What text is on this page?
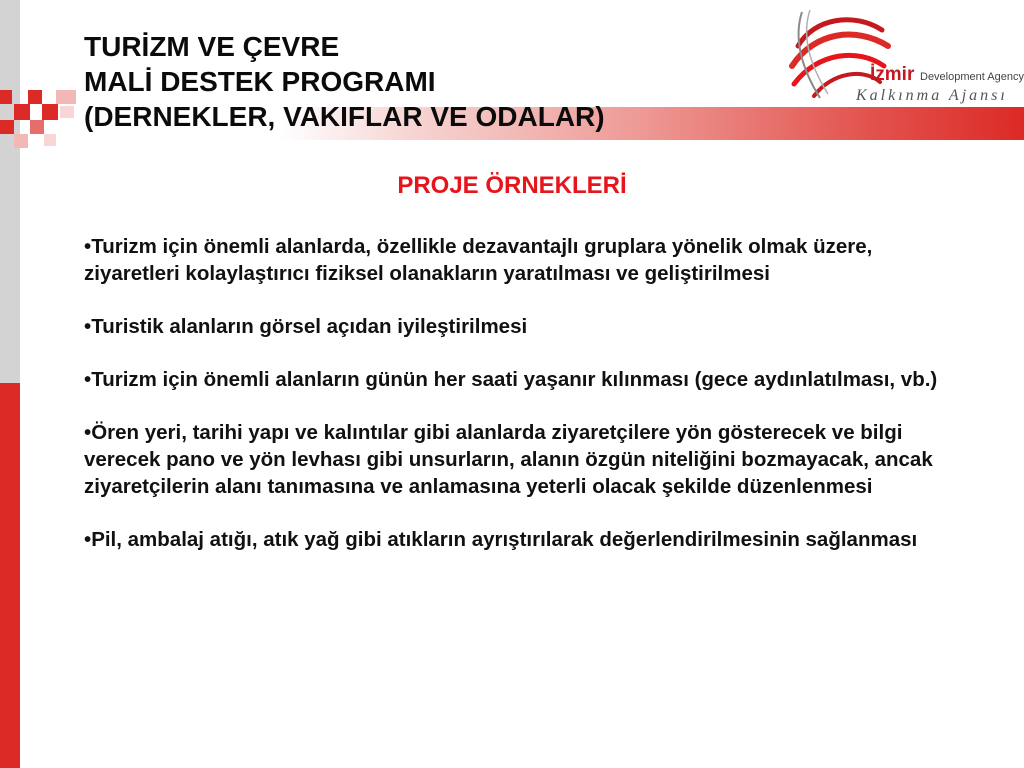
TURİZM VE ÇEVRE
MALİ DESTEK PROGRAMI
(DERNEKLER, VAKIFLAR VE ODALAR)
İzmir Development Agency
Kalkınma Ajansı
PROJE ÖRNEKLERİ
•Turizm için önemli alanlarda, özellikle dezavantajlı gruplara yönelik olmak üzere, ziyaretleri kolaylaştırıcı fiziksel olanakların yaratılması ve geliştirilmesi
•Turistik alanların görsel açıdan iyileştirilmesi
•Turizm için önemli alanların günün her saati yaşanır kılınması (gece aydınlatılması, vb.)
•Ören yeri, tarihi yapı ve kalıntılar gibi alanlarda ziyaretçilere yön gösterecek ve bilgi verecek pano ve yön levhası gibi unsurların, alanın özgün niteliğini bozmayacak, ancak ziyaretçilerin alanı tanımasına ve anlamasına yeterli olacak şekilde düzenlenmesi
•Pil, ambalaj atığı, atık yağ gibi atıkların ayrıştırılarak değerlendirilmesinin sağlanması
